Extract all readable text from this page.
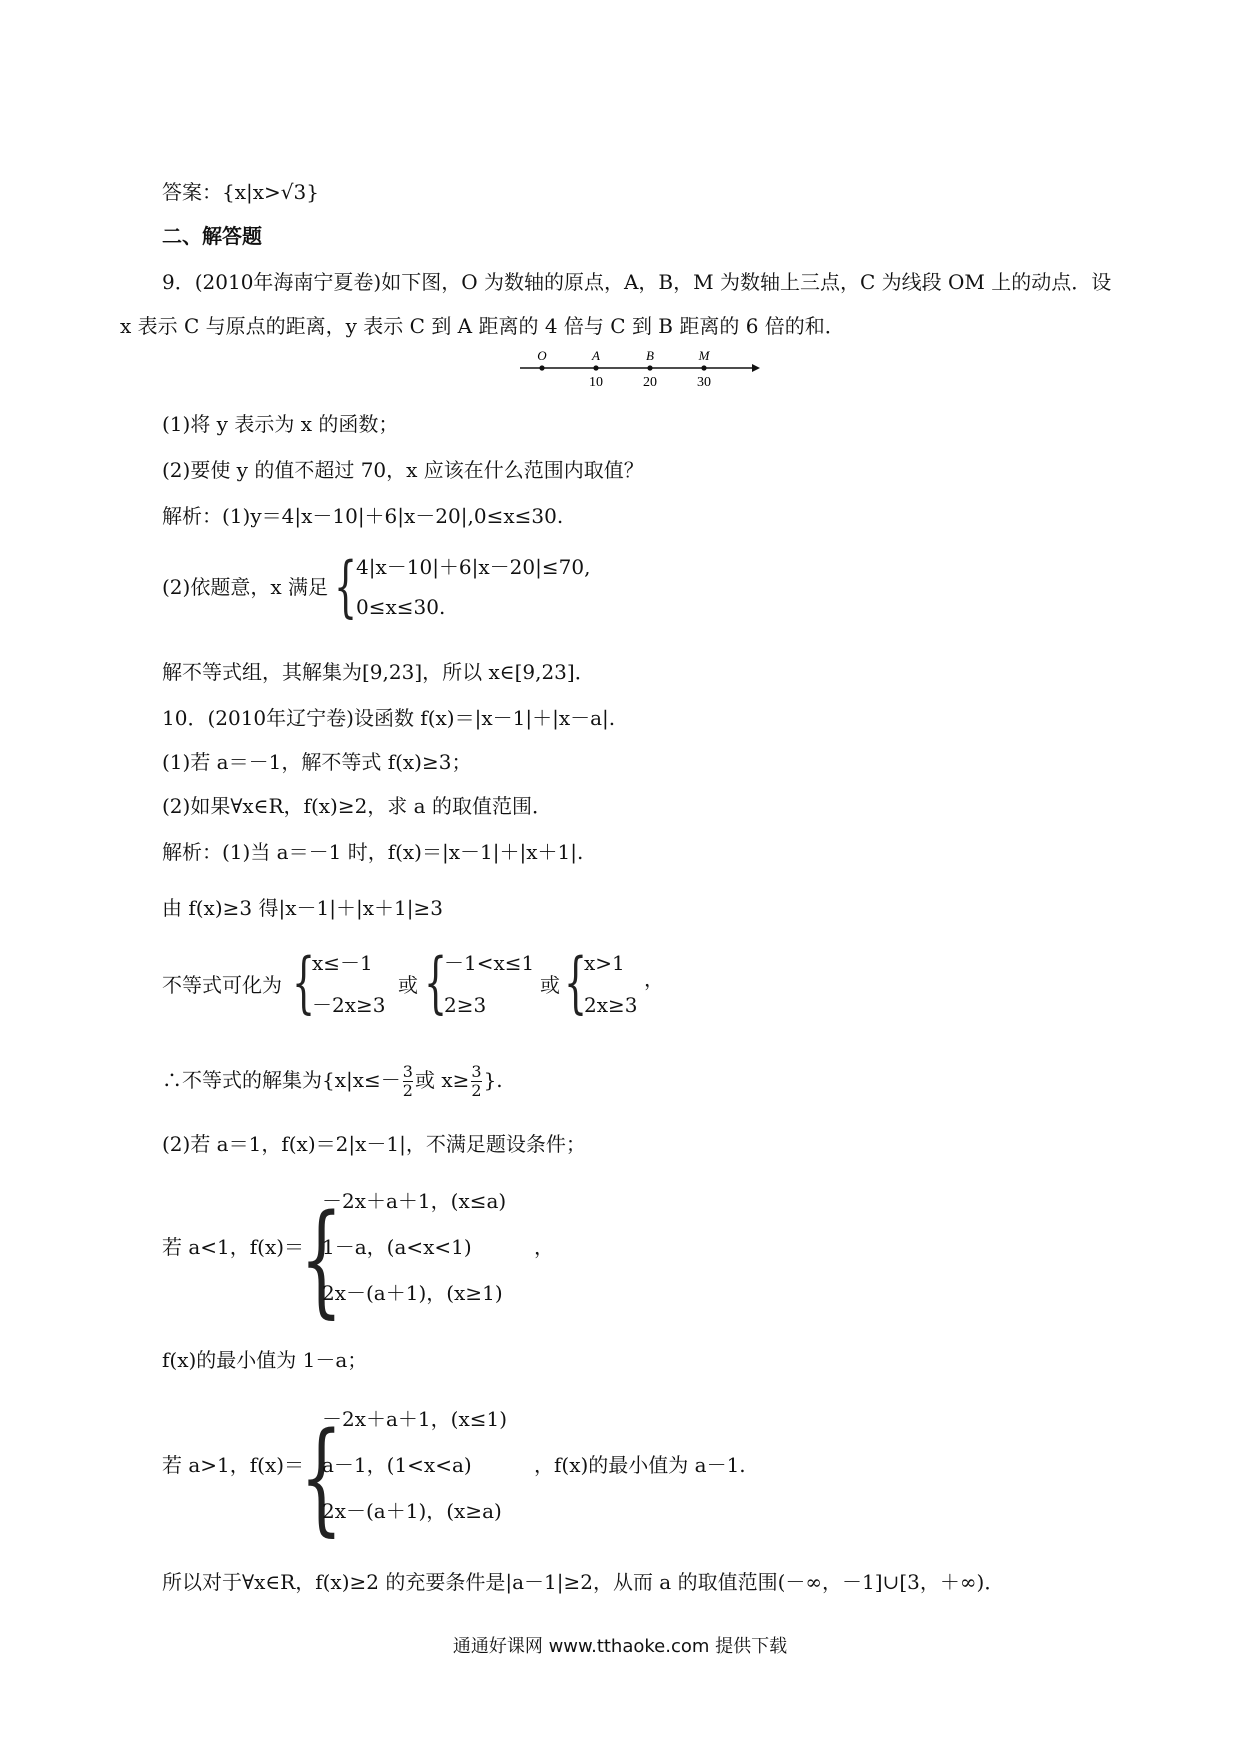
答案：{x|x>√3}
二、解答题
9．(2010年海南宁夏卷)如下图，O 为数轴的原点，A，B，M 为数轴上三点，C 为线段 OM 上的动点．设
x 表示 C 与原点的距离，y 表示 C 到 A 距离的 4 倍与 C 到 B 距离的 6 倍的和．
O	A	B	M
10	20	30
(1)将 y 表示为 x 的函数；
(2)要使 y 的值不超过 70，x 应该在什么范围内取值？
解析：(1)y＝4|x－10|＋6|x－20|,0≤x≤30.
(2)依题意，x 满足 {
4|x－10|＋6|x－20|≤70,
0≤x≤30.
解不等式组，其解集为[9,23]，所以 x∈[9,23]．
10．(2010年辽宁卷)设函数 f(x)＝|x－1|＋|x－a|.
(1)若 a＝－1，解不等式 f(x)≥3；
(2)如果∀x∈R，f(x)≥2，求 a 的取值范围．
解析：(1)当 a＝－1 时，f(x)＝|x－1|＋|x＋1|.
由 f(x)≥3 得|x－1|＋|x＋1|≥3
不等式可化为 {
x≤－1
－2x≥3
或 {
－1<x≤1
2≥3
或 {
x>1
2x≥3
，
∴不等式的解集为{$x|x\le- \frac{3}{2}$ 或 $x\ge \frac{3}{2}$ }.
(2)若 a＝1，f(x)＝2|x－1|，不满足题设条件；
若 a<1，f(x)＝
{
－2x＋a＋1，(x≤a)
1－a，(a<x<1)
2x－(a＋1)，(x≥1)
，
f(x)的最小值为 1－a；
若 a>1，f(x)＝
{
－2x＋a＋1，(x≤1)
a－1，(1<x<a)
2x－(a＋1)，(x≥a)
，f(x)的最小值为 a－1.
所以对于∀x∈R，f(x)≥2 的充要条件是|a－1|≥2，从而 a 的取值范围(－∞，－1]∪[3，＋∞)．
通通好课网 www.tthaoke.com 提供下载
